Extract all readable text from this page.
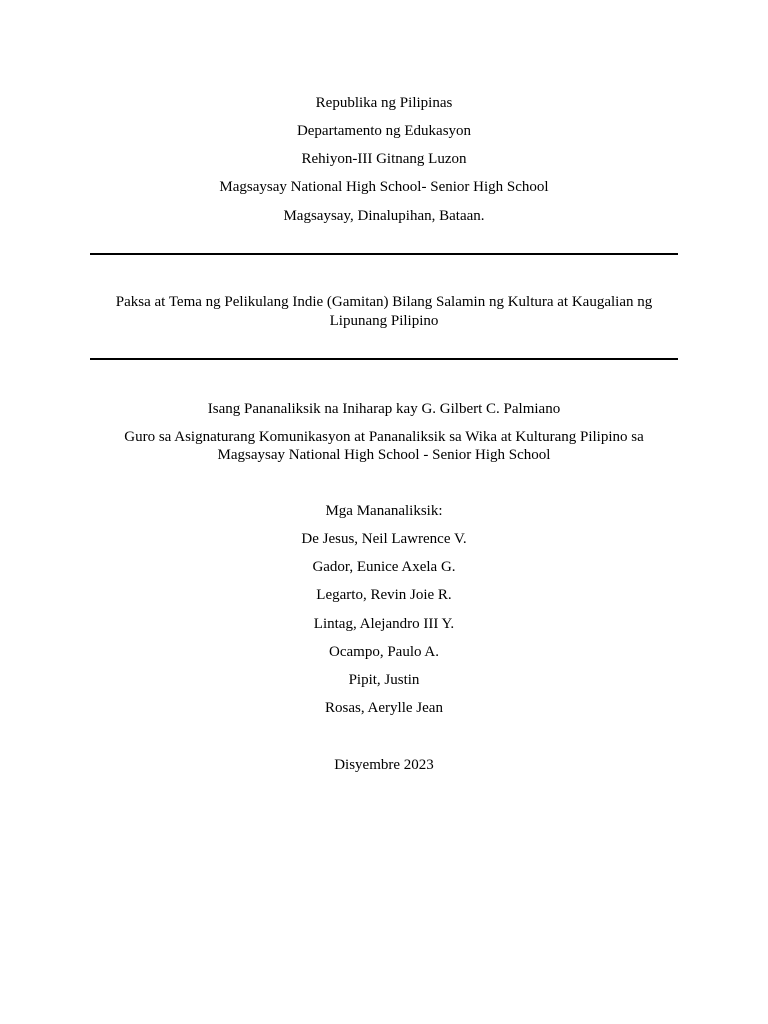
Republika ng Pilipinas
Departamento ng Edukasyon
Rehiyon-III Gitnang Luzon
Magsaysay National High School- Senior High School
Magsaysay, Dinalupihan, Bataan.
Paksa at Tema ng Pelikulang Indie (Gamitan) Bilang Salamin ng Kultura at Kaugalian ng
Lipunang Pilipino
Isang Pananaliksik na Iniharap kay G. Gilbert C. Palmiano
Guro sa Asignaturang Komunikasyon at Pananaliksik sa Wika at Kulturang Pilipino sa
Magsaysay National High School - Senior High School
Mga Mananaliksik:
De Jesus, Neil Lawrence V.
Gador, Eunice Axela G.
Legarto, Revin Joie R.
Lintag, Alejandro III Y.
Ocampo, Paulo A.
Pipit, Justin
Rosas, Aerylle Jean
Disyembre 2023
